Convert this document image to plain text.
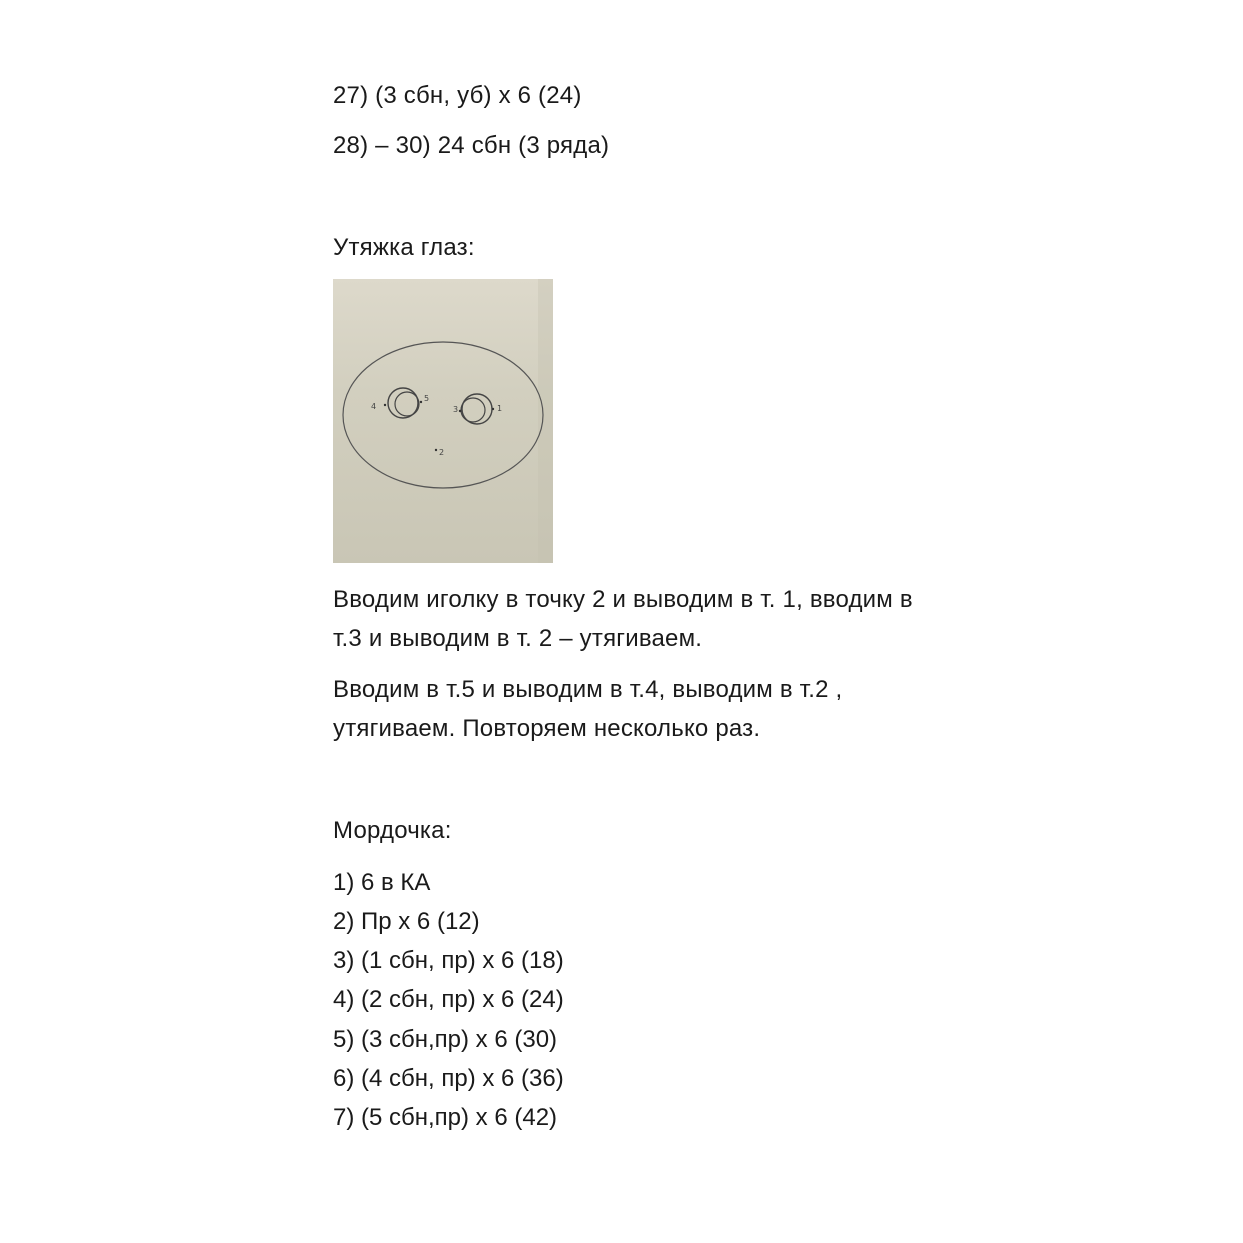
27) (3 сбн, уб) х 6 (24)
28) – 30) 24 сбн (3 ряда)
Утяжка глаз:
4
5
3	1
2
Вводим иголку в точку 2 и выводим в т. 1, вводим в
т.3 и выводим в т. 2 – утягиваем.
Вводим в т.5 и выводим в т.4, выводим в т.2 ,
утягиваем. Повторяем несколько раз.
Мордочка:
1) 6 в КА
2) Пр х 6 (12)
3) (1 сбн, пр) х 6 (18)
4) (2 сбн, пр) х 6 (24)
5) (3 сбн,пр) х 6 (30)
6) (4 сбн, пр) х 6 (36)
7) (5 сбн,пр) х 6 (42)
